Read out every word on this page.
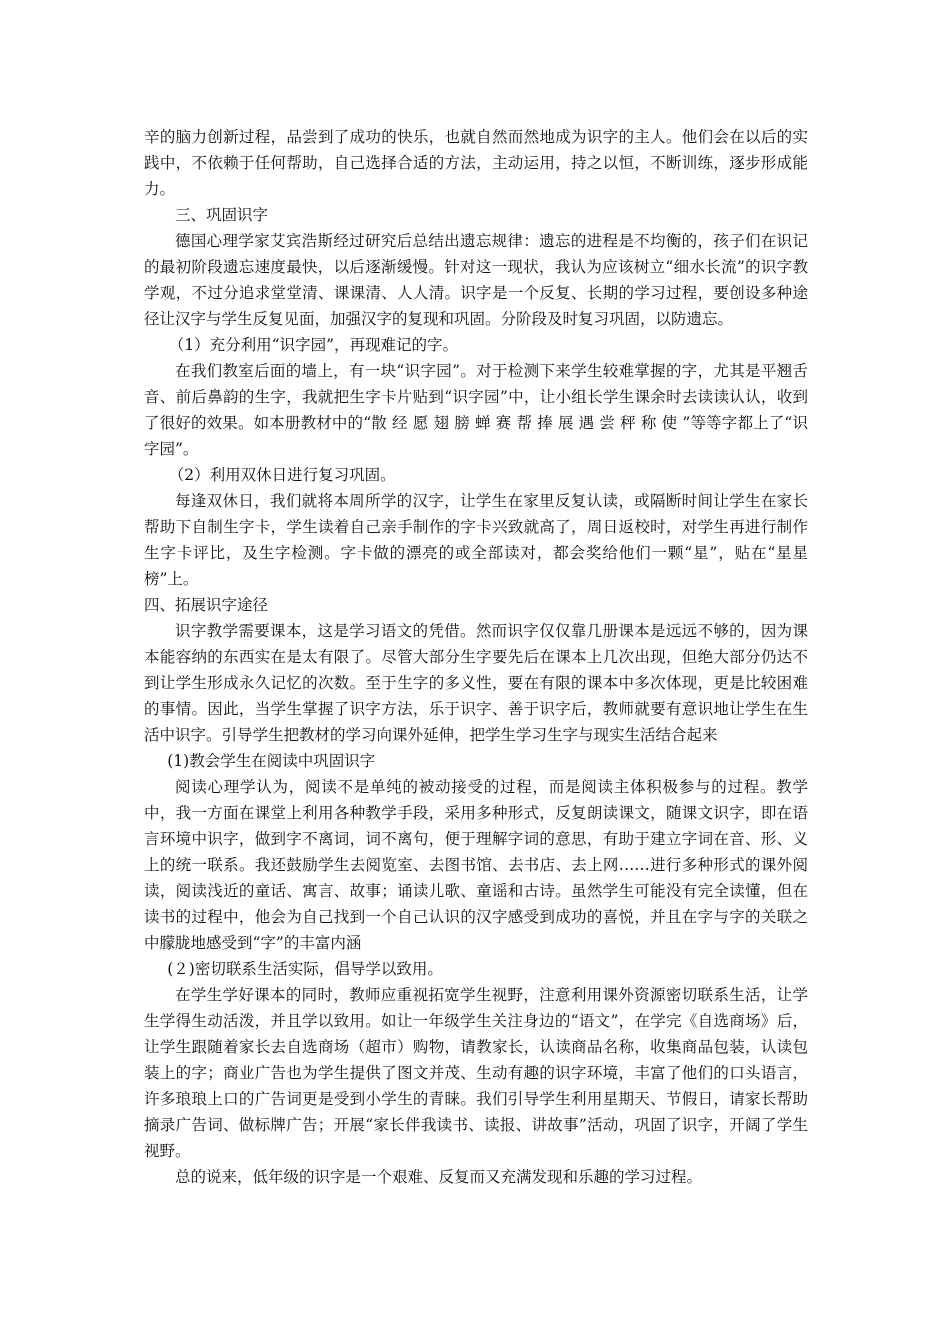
辛的脑力创新过程，品尝到了成功的快乐，也就自然而然地成为识字的主人。他们会在以后的实践中，不依赖于任何帮助，自己选择合适的方法，主动运用，持之以恒，不断训练，逐步形成能力。

三、巩固识字

德国心理学家艾宾浩斯经过研究后总结出遗忘规律：遗忘的进程是不均衡的，孩子们在识记的最初阶段遗忘速度最快，以后逐渐缓慢。针对这一现状，我认为应该树立“细水长流”的识字教学观，不过分追求堂堂清、课课清、人人清。识字是一个反复、长期的学习过程，要创设多种途径让汉字与学生反复见面，加强汉字的复现和巩固。分阶段及时复习巩固，以防遗忘。

（1）充分利用“识字园”，再现难记的字。

在我们教室后面的墙上，有一块“识字园”。对于检测下来学生较难掌握的字，尤其是平翘舌音、前后鼻韵的生字，我就把生字卡片贴到“识字园”中，让小组长学生课余时去读读认认，收到了很好的效果。如本册教材中的“散 经 愿 翅 膀 蝉 赛 帮 捧 展 遇 尝 秤 称 使 ”等等字都上了“识字园”。

（2）利用双休日进行复习巩固。

每逢双休日，我们就将本周所学的汉字，让学生在家里反复认读，或隔断时间让学生在家长帮助下自制生字卡，学生读着自己亲手制作的字卡兴致就高了，周日返校时，对学生再进行制作生字卡评比，及生字检测。字卡做的漂亮的或全部读对，都会奖给他们一颗“星”，贴在“星星榜”上。

四、拓展识字途径

识字教学需要课本，这是学习语文的凭借。然而识字仅仅靠几册课本是远远不够的，因为课本能容纳的东西实在是太有限了。尽管大部分生字要先后在课本上几次出现，但绝大部分仍达不到让学生形成永久记忆的次数。至于生字的多义性，要在有限的课本中多次体现，更是比较困难的事情。因此，当学生掌握了识字方法，乐于识字、善于识字后，教师就要有意识地让学生在生活中识字。引导学生把教材的学习向课外延伸，把学生学习生字与现实生活结合起来

(1)教会学生在阅读中巩固识字

阅读心理学认为，阅读不是单纯的被动接受的过程，而是阅读主体积极参与的过程。教学中，我一方面在课堂上利用各种教学手段，采用多种形式，反复朗读课文，随课文识字，即在语言环境中识字，做到字不离词，词不离句，便于理解字词的意思，有助于建立字词在音、形、义上的统一联系。我还鼓励学生去阅览室、去图书馆、去书店、去上网……进行多种形式的课外阅读，阅读浅近的童话、寓言、故事；诵读儿歌、童谣和古诗。虽然学生可能没有完全读懂，但在读书的过程中，他会为自己找到一个自己认识的汉字感受到成功的喜悦，并且在字与字的关联之中朦胧地感受到“字”的丰富内涵

(２)密切联系生活实际，倡导学以致用。

在学生学好课本的同时，教师应重视拓宽学生视野，注意利用课外资源密切联系生活，让学生学得生动活泼，并且学以致用。如让一年级学生关注身边的“语文”，在学完《自选商场》后，让学生跟随着家长去自选商场（超市）购物，请教家长，认读商品名称，收集商品包装，认读包装上的字；商业广告也为学生提供了图文并茂、生动有趣的识字环境，丰富了他们的口头语言，许多琅琅上口的广告词更是受到小学生的青睐。我们引导学生利用星期天、节假日，请家长帮助摘录广告词、做标牌广告；开展“家长伴我读书、读报、讲故事”活动，巩固了识字，开阔了学生视野。

总的说来，低年级的识字是一个艰难、反复而又充满发现和乐趣的学习过程。
